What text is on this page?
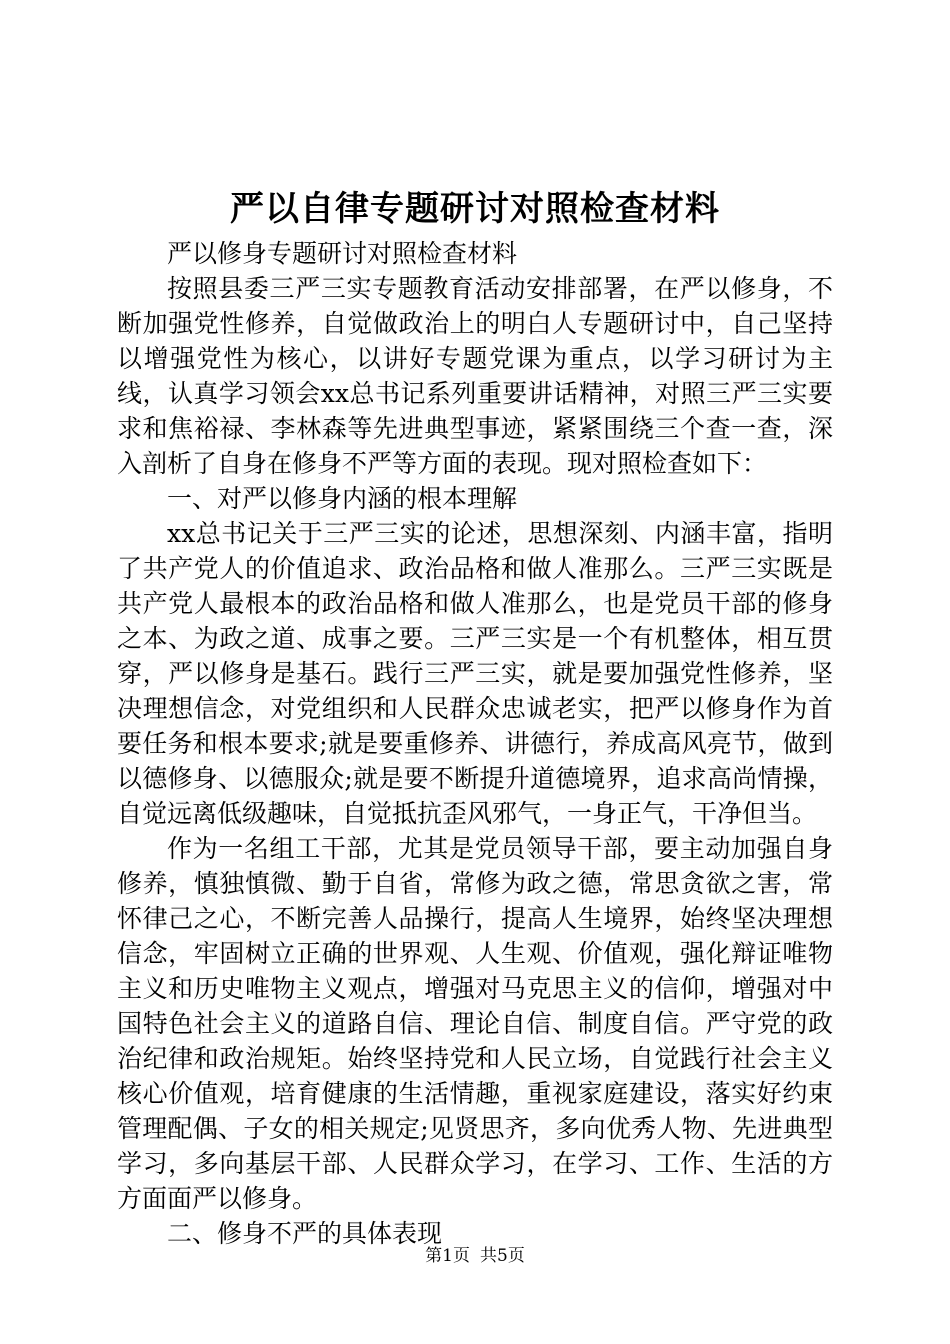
严以自律专题研讨对照检查材料

严以修身专题研讨对照检查材料

按照县委三严三实专题教育活动安排部署，在严以修身，不断加强党性修养，自觉做政治上的明白人专题研讨中，自己坚持以增强党性为核心，以讲好专题党课为重点，以学习研讨为主线，认真学习领会xx总书记系列重要讲话精神，对照三严三实要求和焦裕禄、李林森等先进典型事迹，紧紧围绕三个查一查，深入剖析了自身在修身不严等方面的表现。现对照检查如下：

一、对严以修身内涵的根本理解

xx总书记关于三严三实的论述，思想深刻、内涵丰富，指明了共产党人的价值追求、政治品格和做人准那么。三严三实既是共产党人最根本的政治品格和做人准那么，也是党员干部的修身之本、为政之道、成事之要。三严三实是一个有机整体，相互贯穿，严以修身是基石。践行三严三实，就是要加强党性修养，坚决理想信念，对党组织和人民群众忠诚老实，把严以修身作为首要任务和根本要求;就是要重修养、讲德行，养成高风亮节，做到以德修身、以德服众;就是要不断提升道德境界，追求高尚情操，自觉远离低级趣味，自觉抵抗歪风邪气，一身正气，干净但当。

作为一名组工干部，尤其是党员领导干部，要主动加强自身修养，慎独慎微、勤于自省，常修为政之德，常思贪欲之害，常怀律己之心，不断完善人品操行，提高人生境界，始终坚决理想信念，牢固树立正确的世界观、人生观、价值观，强化辩证唯物主义和历史唯物主义观点，增强对马克思主义的信仰，增强对中国特色社会主义的道路自信、理论自信、制度自信。严守党的政治纪律和政治规矩。始终坚持党和人民立场，自觉践行社会主义核心价值观，培育健康的生活情趣，重视家庭建设，落实好约束管理配偶、子女的相关规定;见贤思齐，多向优秀人物、先进典型学习，多向基层干部、人民群众学习，在学习、工作、生活的方方面面严以修身。

二、修身不严的具体表现

第1页 共5页
